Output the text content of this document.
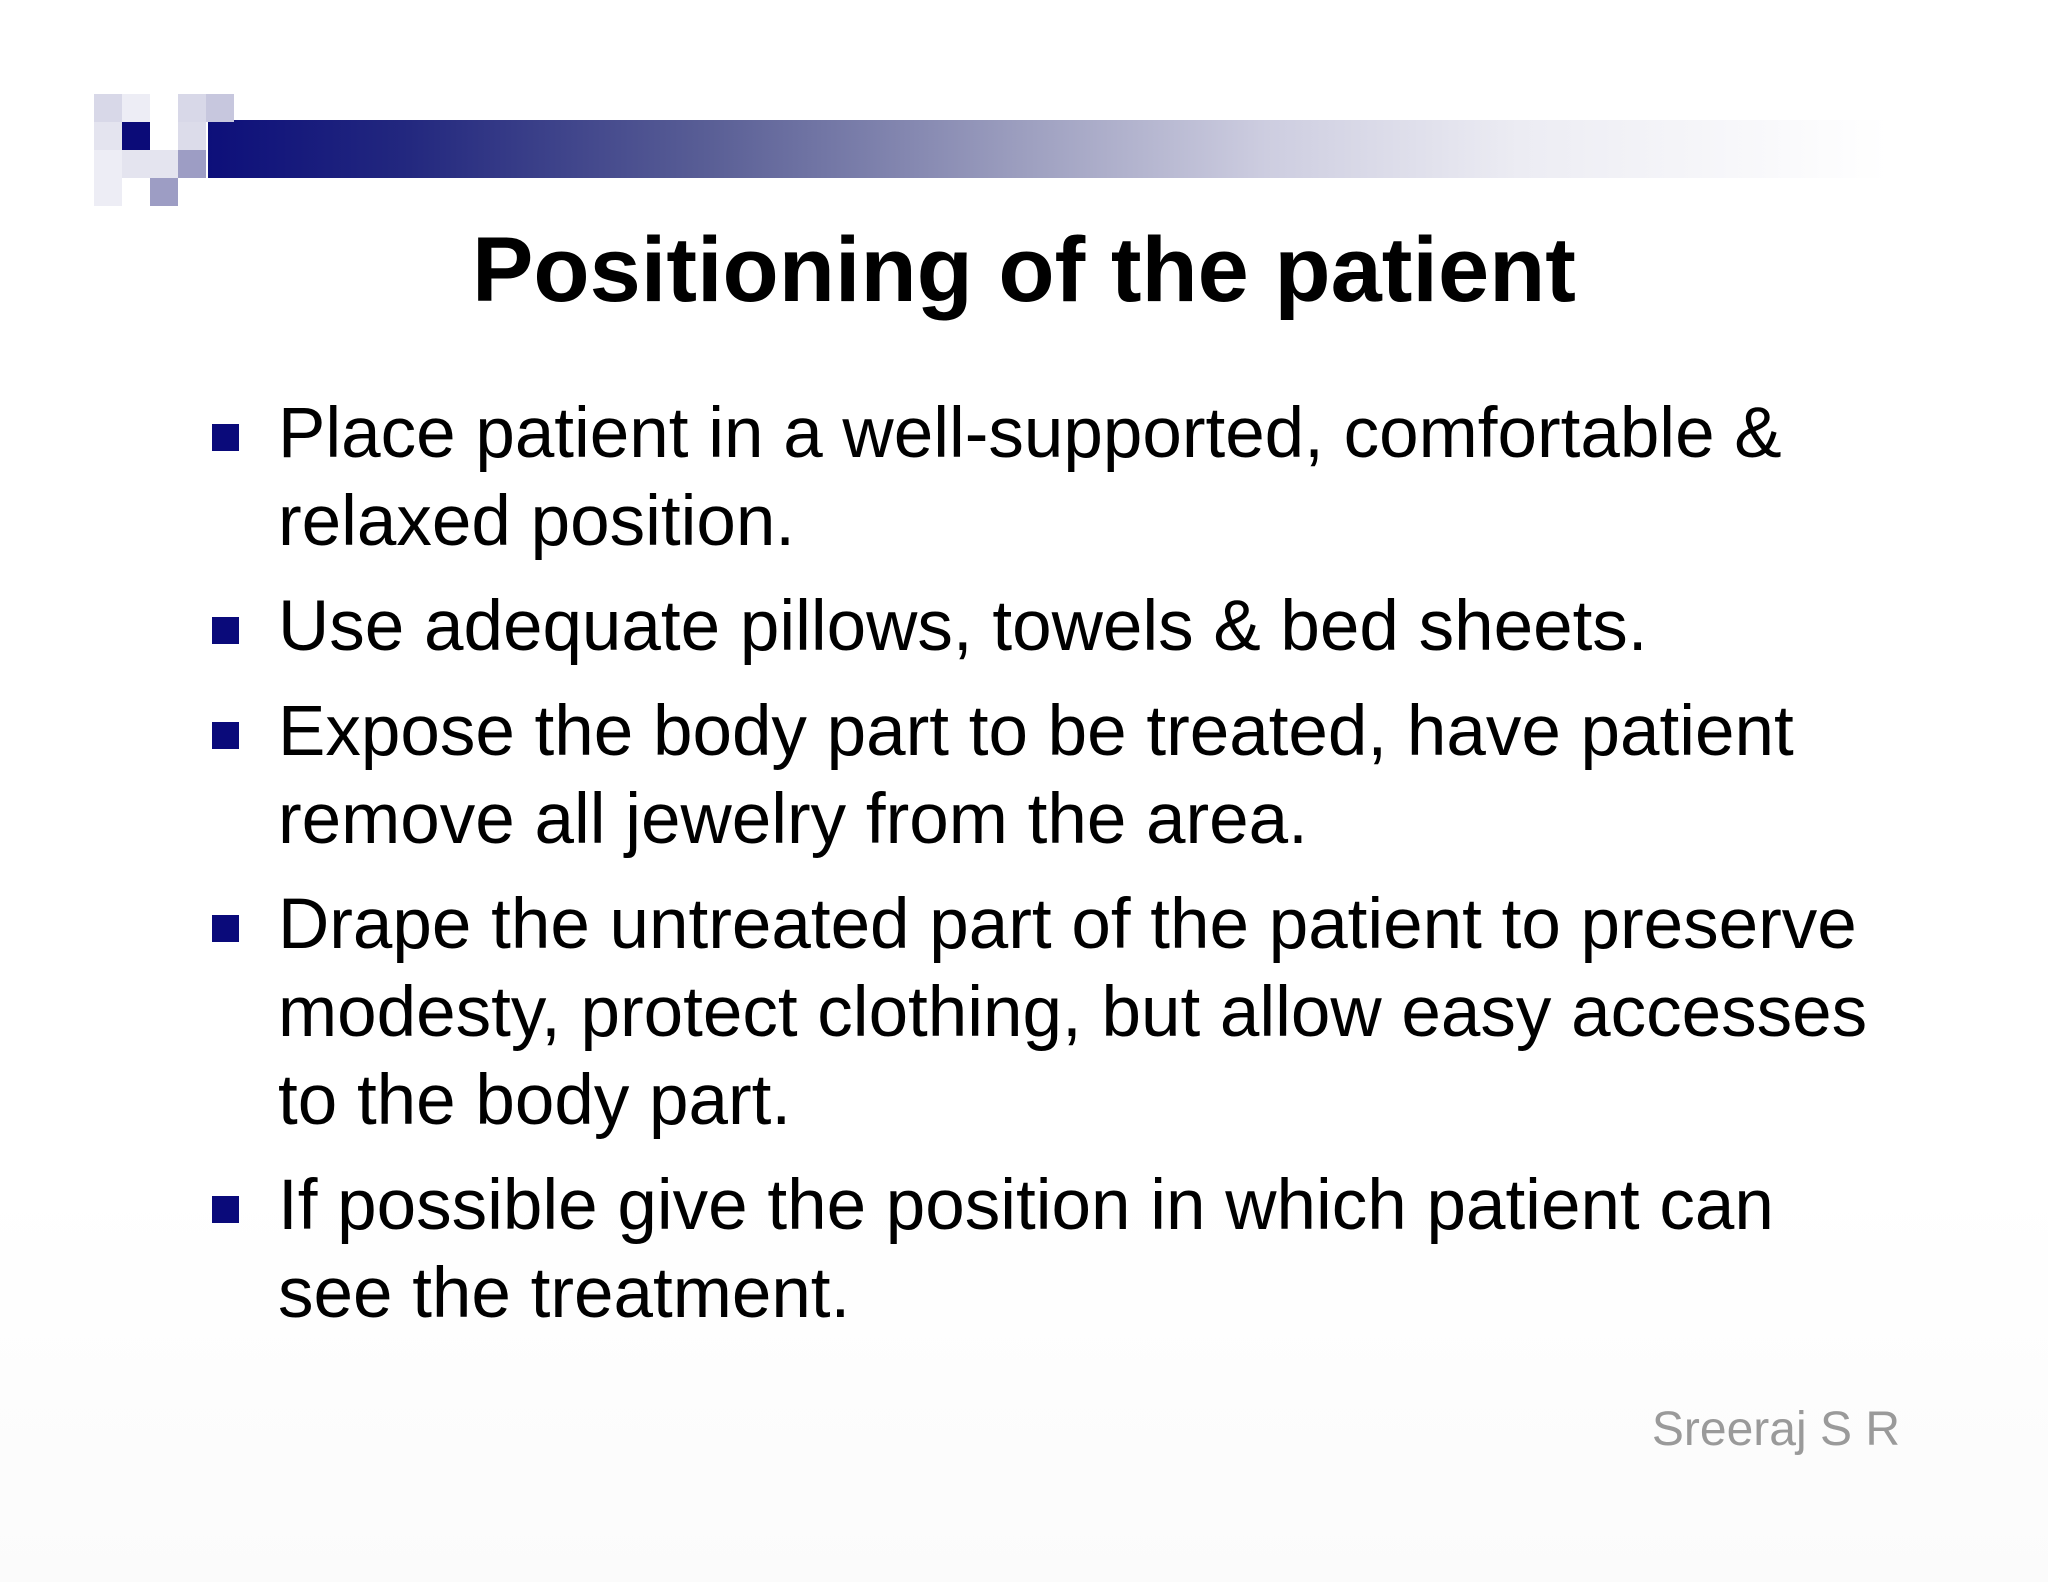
Positioning of the patient
Place patient in a well-supported, comfortable & relaxed position.
Use adequate pillows, towels & bed sheets.
Expose the body part to be treated, have patient remove all jewelry from the area.
Drape the untreated part of the patient to preserve modesty, protect clothing, but allow easy accesses to the body part.
If possible give the position in which patient can see the treatment.
Sreeraj S R
